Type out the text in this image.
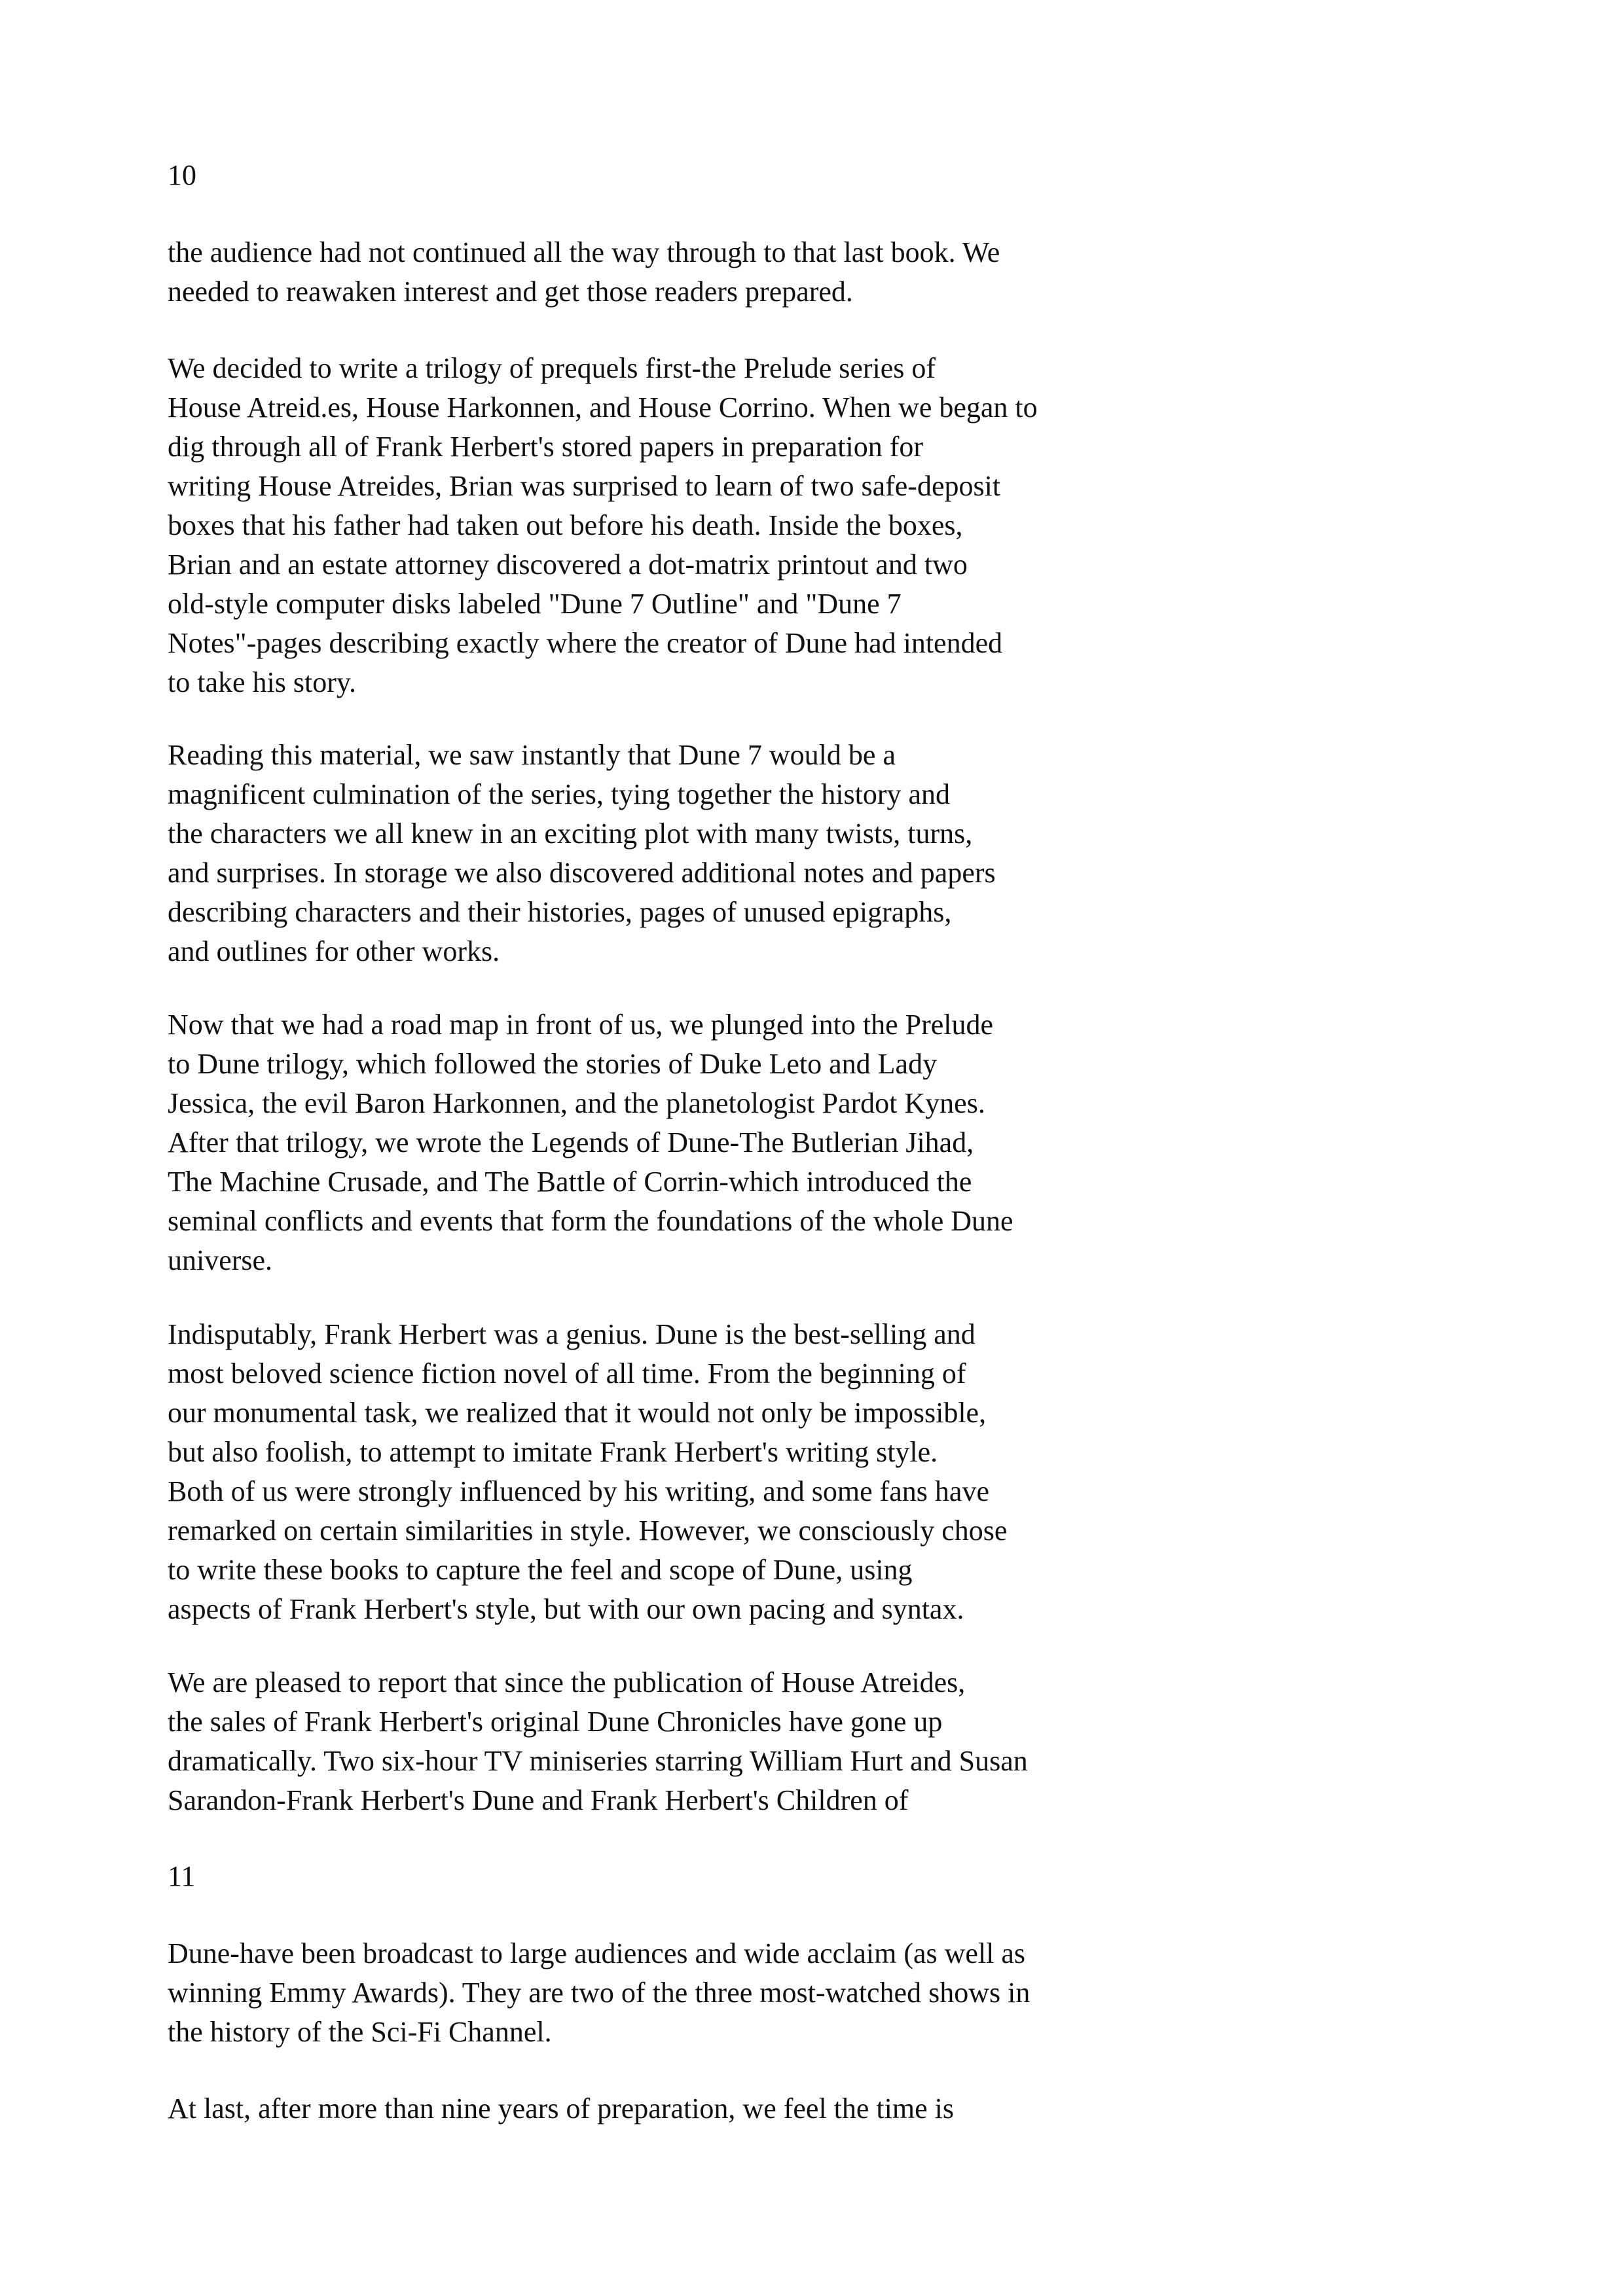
10
the audience had not continued all the way through to that last book. We
needed to reawaken interest and get those readers prepared.
We decided to write a trilogy of prequels first-the Prelude series of
House Atreid.es, House Harkonnen, and House Corrino. When we began to
dig through all of Frank Herbert's stored papers in preparation for
writing House Atreides, Brian was surprised to learn of two safe-deposit
boxes that his father had taken out before his death. Inside the boxes,
Brian and an estate attorney discovered a dot-matrix printout and two
old-style computer disks labeled "Dune 7 Outline" and "Dune 7
Notes"-pages describing exactly where the creator of Dune had intended
to take his story.
Reading this material, we saw instantly that Dune 7 would be a
magnificent culmination of the series, tying together the history and
the characters we all knew in an exciting plot with many twists, turns,
and surprises. In storage we also discovered additional notes and papers
describing characters and their histories, pages of unused epigraphs,
and outlines for other works.
Now that we had a road map in front of us, we plunged into the Prelude
to Dune trilogy, which followed the stories of Duke Leto and Lady
Jessica, the evil Baron Harkonnen, and the planetologist Pardot Kynes.
After that trilogy, we wrote the Legends of Dune-The Butlerian Jihad,
The Machine Crusade, and The Battle of Corrin-which introduced the
seminal conflicts and events that form the foundations of the whole Dune
universe.
Indisputably, Frank Herbert was a genius. Dune is the best-selling and
most beloved science fiction novel of all time. From the beginning of
our monumental task, we realized that it would not only be impossible,
but also foolish, to attempt to imitate Frank Herbert's writing style.
Both of us were strongly influenced by his writing, and some fans have
remarked on certain similarities in style. However, we consciously chose
to write these books to capture the feel and scope of Dune, using
aspects of Frank Herbert's style, but with our own pacing and syntax.
We are pleased to report that since the publication of House Atreides,
the sales of Frank Herbert's original Dune Chronicles have gone up
dramatically. Two six-hour TV miniseries starring William Hurt and Susan
Sarandon-Frank Herbert's Dune and Frank Herbert's Children of
11
Dune-have been broadcast to large audiences and wide acclaim (as well as
winning Emmy Awards). They are two of the three most-watched shows in
the history of the Sci-Fi Channel.
At last, after more than nine years of preparation, we feel the time is
